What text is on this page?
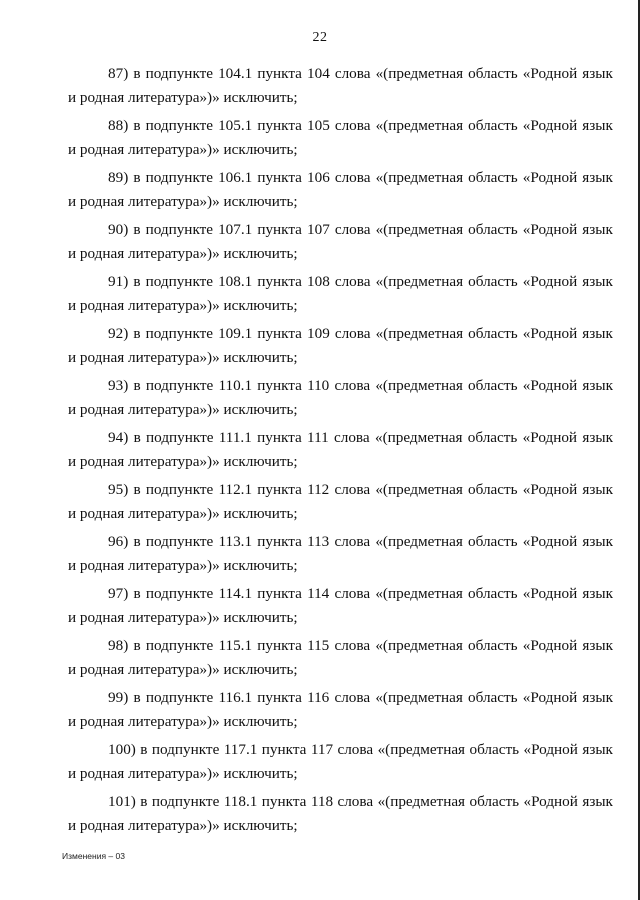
22
87) в подпункте 104.1 пункта 104 слова «(предметная область «Родной язык
и родная литература»)» исключить;
88) в подпункте 105.1 пункта 105 слова «(предметная область «Родной язык
и родная литература»)» исключить;
89) в подпункте 106.1 пункта 106 слова «(предметная область «Родной язык
и родная литература»)» исключить;
90) в подпункте 107.1 пункта 107 слова «(предметная область «Родной язык
и родная литература»)» исключить;
91) в подпункте 108.1 пункта 108 слова «(предметная область «Родной язык
и родная литература»)» исключить;
92) в подпункте 109.1 пункта 109 слова «(предметная область «Родной язык
и родная литература»)» исключить;
93) в подпункте 110.1 пункта 110 слова «(предметная область «Родной язык
и родная литература»)» исключить;
94) в подпункте 111.1 пункта 111 слова «(предметная область «Родной язык
и родная литература»)» исключить;
95) в подпункте 112.1 пункта 112 слова «(предметная область «Родной язык
и родная литература»)» исключить;
96) в подпункте 113.1 пункта 113 слова «(предметная область «Родной язык
и родная литература»)» исключить;
97) в подпункте 114.1 пункта 114 слова «(предметная область «Родной язык
и родная литература»)» исключить;
98) в подпункте 115.1 пункта 115 слова «(предметная область «Родной язык
и родная литература»)» исключить;
99) в подпункте 116.1 пункта 116 слова «(предметная область «Родной язык
и родная литература»)» исключить;
100) в подпункте 117.1 пункта 117 слова «(предметная область «Родной язык
и родная литература»)» исключить;
101) в подпункте 118.1 пункта 118 слова «(предметная область «Родной язык
и родная литература»)» исключить;
Изменения – 03
